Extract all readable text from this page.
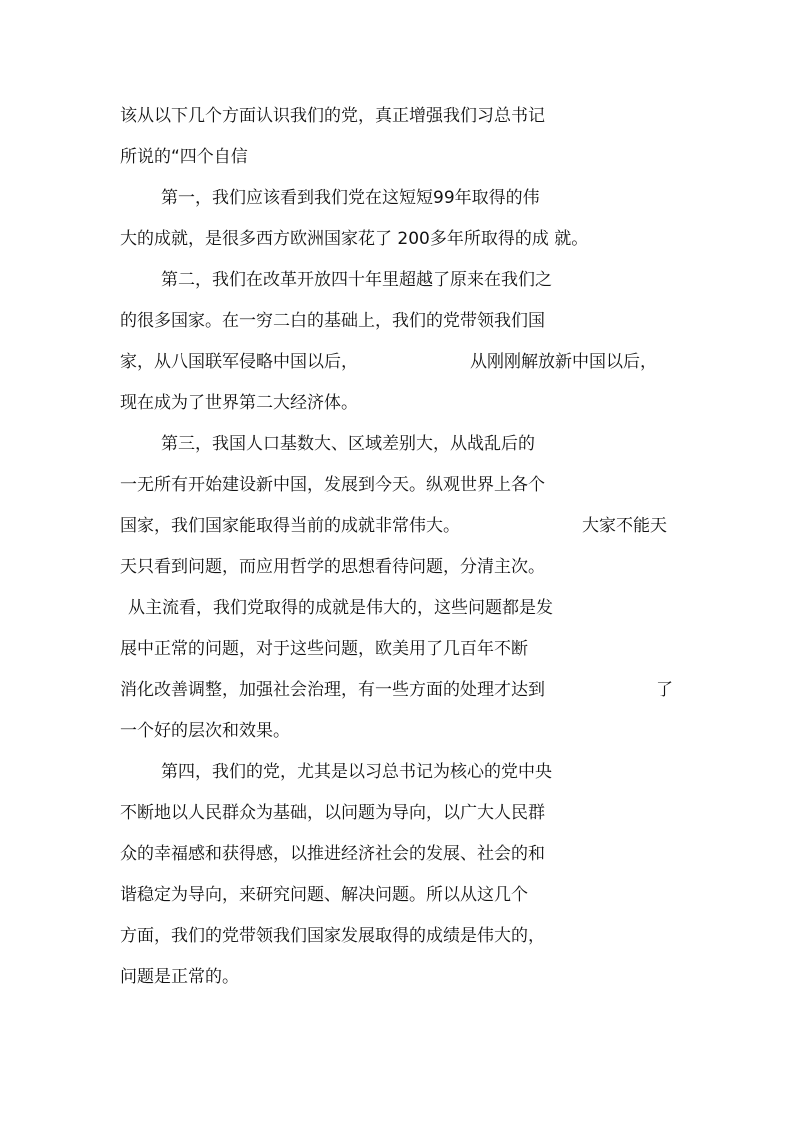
该从以下几个方面认识我们的党，真正增强我们习总书记
所说的“四个自信
第一，我们应该看到我们党在这短短99年取得的伟
大的成就，是很多西方欧洲国家花了 200多年所取得的成 就。
第二，我们在改革开放四十年里超越了原来在我们之
的很多国家。在一穷二白的基础上，我们的党带领我们国
家，从八国联军侵略中国以后，	从刚刚解放新中国以后，
现在成为了世界第二大经济体。
第三，我国人口基数大、区域差别大，从战乱后的
一无所有开始建设新中国，发展到今天。纵观世界上各个
国家，我们国家能取得当前的成就非常伟大。	大家不能天
天只看到问题，而应用哲学的思想看待问题，分清主次。
从主流看，我们党取得的成就是伟大的，这些问题都是发
展中正常的问题，对于这些问题，欧美用了几百年不断
消化改善调整，加强社会治理，有一些方面的处理才达到	了
一个好的层次和效果。
第四，我们的党，尤其是以习总书记为核心的党中央
不断地以人民群众为基础，以问题为导向，以广大人民群
众的幸福感和获得感，以推进经济社会的发展、社会的和
谐稳定为导向，来研究问题、解决问题。所以从这几个
方面，我们的党带领我们国家发展取得的成绩是伟大的，
问题是正常的。
